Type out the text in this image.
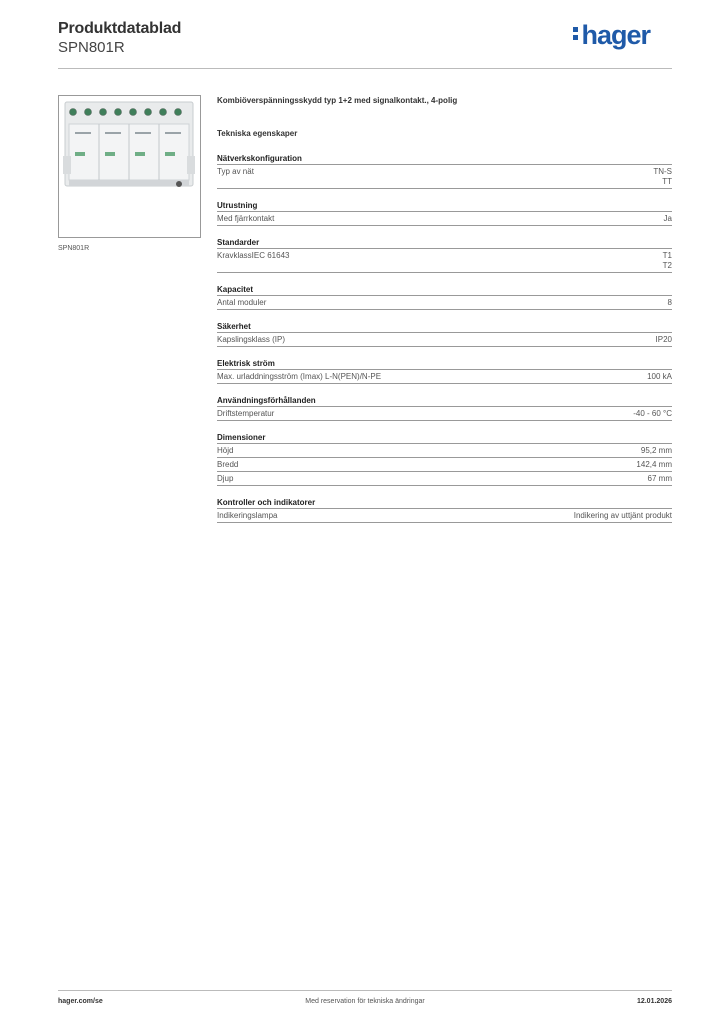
Produktdatablad
SPN801R	hager
SPN801R
Kombiöverspänningsskydd typ 1+2 med signalkontakt., 4-polig
Tekniska egenskaper
Nätverkskonfiguration
Typ av nät	TN-S
TT
Utrustning
Med fjärrkontakt	Ja
Standarder
KravklassIEC 61643	T1
T2
Kapacitet
Antal moduler	8
Säkerhet
Kapslingsklass (IP)	IP20
Elektrisk ström
Max. urladdningsström (Imax) L-N(PEN)/N-PE	100 kA
Användningsförhållanden
Driftstemperatur	-40 - 60 °C
Dimensioner
Höjd	95,2 mm
Bredd	142,4 mm
Djup	67 mm
Kontroller och indikatorer
Indikeringslampa	Indikering av uttjänt produkt
hager.com/se	Med reservation för tekniska ändringar	12.01.2026
